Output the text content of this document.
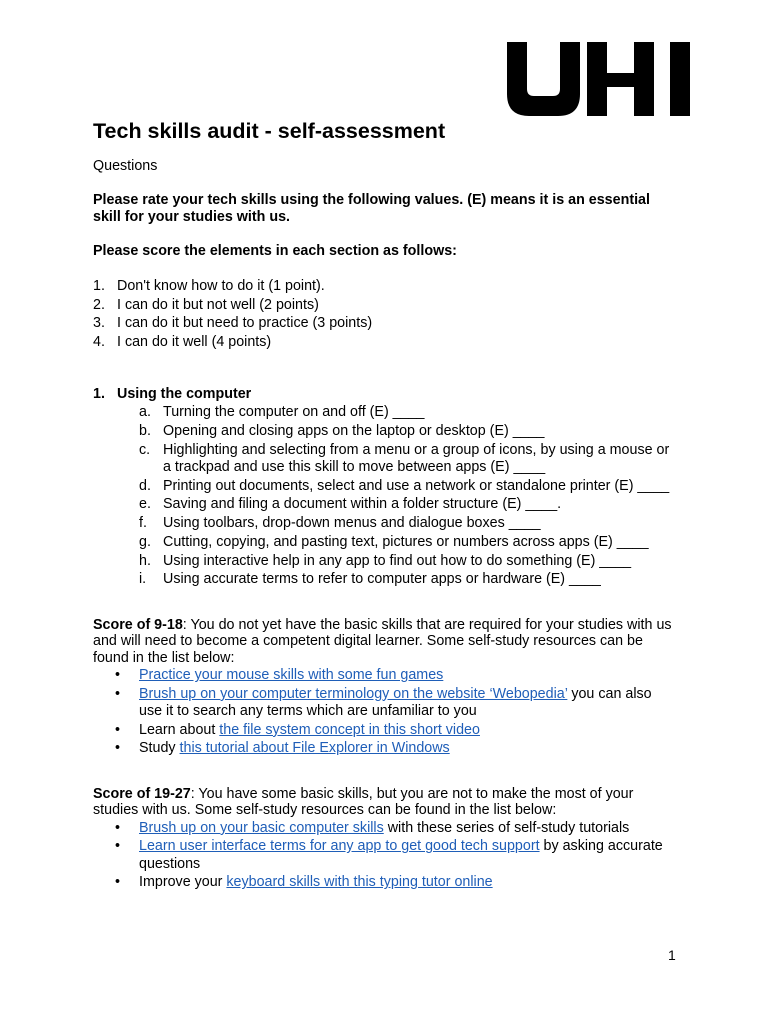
Tech skills audit - self-assessment
Questions
Please rate your tech skills using the following values. (E) means it is an essential skill for your studies with us.
Please score the elements in each section as follows:
1. Don't know how to do it (1 point).
2. I can do it but not well (2 points)
3. I can do it but need to practice (3 points)
4. I can do it well (4 points)
1. Using the computer
a. Turning the computer on and off (E) ____
b. Opening and closing apps on the laptop or desktop (E) ____
c. Highlighting and selecting from a menu or a group of icons, by using a mouse or a trackpad and use this skill to move between apps (E) ____
d. Printing out documents, select and use a network or standalone printer (E) ____
e. Saving and filing a document within a folder structure (E) ____.
f. Using toolbars, drop-down menus and dialogue boxes ____
g. Cutting, copying, and pasting text, pictures or numbers across apps (E) ____
h. Using interactive help in any app to find out how to do something (E) ____
i. Using accurate terms to refer to computer apps or hardware (E) ____
Score of 9-18: You do not yet have the basic skills that are required for your studies with us and will need to become a competent digital learner. Some self-study resources can be found in the list below:
• Practice your mouse skills with some fun games
• Brush up on your computer terminology on the website ‘Webopedia’ you can also use it to search any terms which are unfamiliar to you
• Learn about the file system concept in this short video
• Study this tutorial about File Explorer in Windows
Score of 19-27: You have some basic skills, but you are not to make the most of your studies with us. Some self-study resources can be found in the list below:
• Brush up on your basic computer skills with these series of self-study tutorials
• Learn user interface terms for any app to get good tech support by asking accurate questions
• Improve your keyboard skills with this typing tutor online
1
